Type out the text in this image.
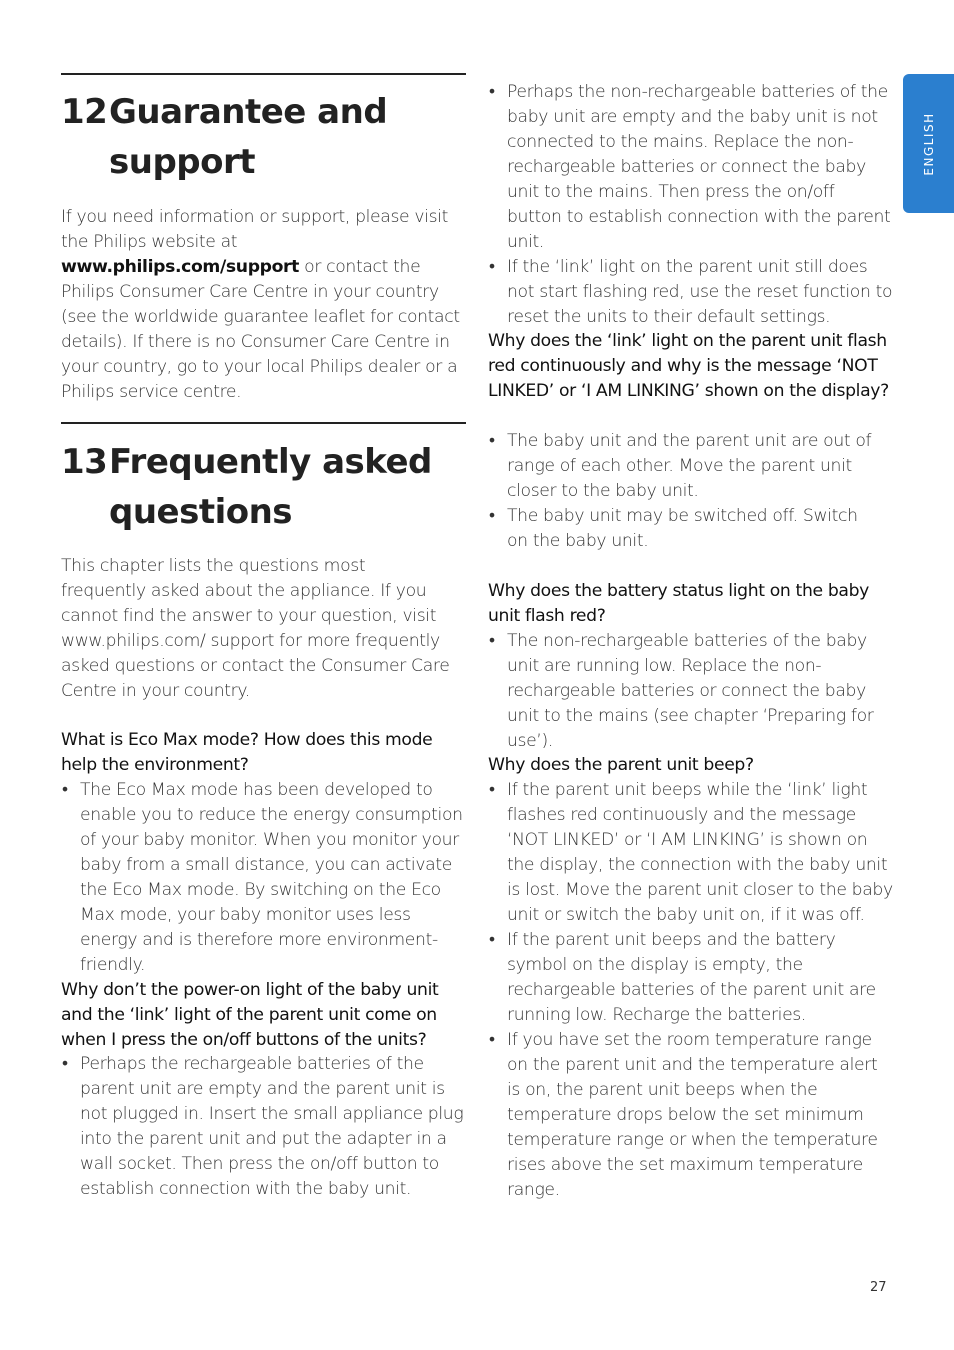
ENGLISH
12Guarantee and
support

If you need information or support, please visit the Philips website at www.philips.com/support or contact the Philips Consumer Care Centre in your country (see the worldwide guarantee leaflet for contact details). If there is no Consumer Care Centre in your country, go to your local Philips dealer or a Philips service centre.

13Frequently asked
questions

This chapter lists the questions most frequently asked about the appliance. If you cannot find the answer to your question, visit www.philips.com/ support for more frequently asked questions or contact the Consumer Care Centre in your country.

What is Eco Max mode? How does this mode help the environment?

• The Eco Max mode has been developed to enable you to reduce the energy consumption of your baby monitor. When you monitor your baby from a small distance, you can activate the Eco Max mode. By switching on the Eco Max mode, your baby monitor uses less energy and is therefore more environment-friendly.

Why don’t the power-on light of the baby unit and the ‘link’ light of the parent unit come on when I press the on/off buttons of the units?

• Perhaps the rechargeable batteries of the parent unit are empty and the parent unit is not plugged in. Insert the small appliance plug into the parent unit and put the adapter in a wall socket. Then press the on/off button to establish connection with the baby unit.
• Perhaps the non-rechargeable batteries of the baby unit are empty and the baby unit is not connected to the mains. Replace the non-rechargeable batteries or connect the baby unit to the mains. Then press the on/off button to establish connection with the parent unit.
• If the ‘link’ light on the parent unit still does not start flashing red, use the reset function to reset the units to their default settings.

Why does the ‘link’ light on the parent unit flash red continuously and why is the message ‘NOT LINKED’ or ‘I AM LINKING’ shown on the display?

• The baby unit and the parent unit are out of range of each other. Move the parent unit closer to the baby unit.
• The baby unit may be switched off. Switch on the baby unit.

Why does the battery status light on the baby unit flash red?

• The non-rechargeable batteries of the baby unit are running low. Replace the non-rechargeable batteries or connect the baby unit to the mains (see chapter ‘Preparing for use’).

Why does the parent unit beep?

• If the parent unit beeps while the ‘link’ light flashes red continuously and the message ‘NOT LINKED’ or ‘I AM LINKING’ is shown on the display, the connection with the baby unit is lost. Move the parent unit closer to the baby unit or switch the baby unit on, if it was off.
• If the parent unit beeps and the battery symbol on the display is empty, the rechargeable batteries of the parent unit are running low. Recharge the batteries.
• If you have set the room temperature range on the parent unit and the temperature alert is on, the parent unit beeps when the temperature drops below the set minimum temperature range or when the temperature rises above the set maximum temperature range.
27
